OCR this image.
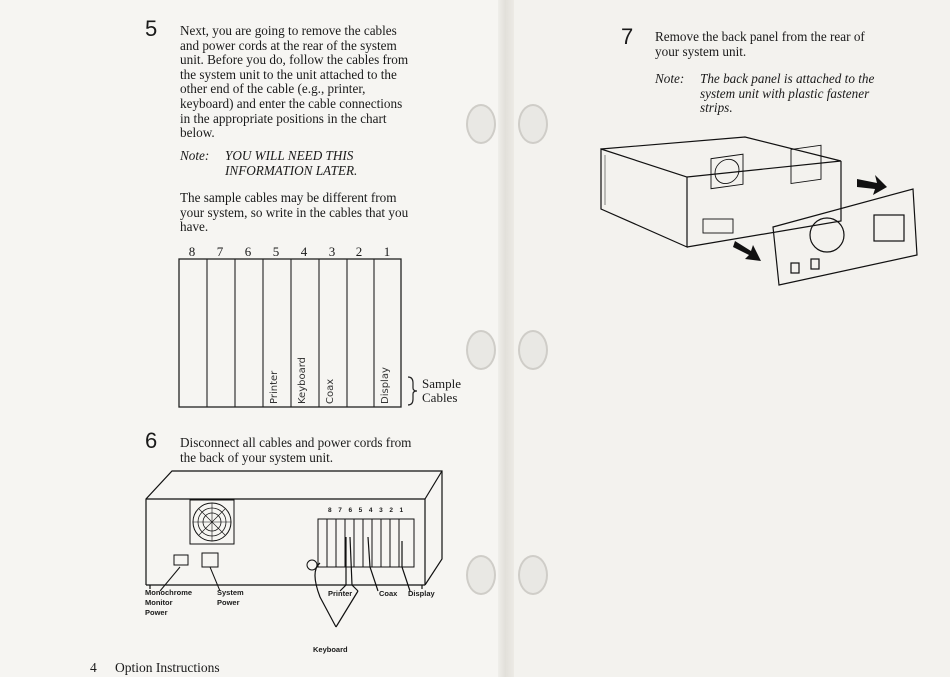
5 Next, you are going to remove the cables
and power cords at the rear of the system
unit. Before you do, follow the cables from
the system unit to the unit attached to the
other end of the cable (e.g., printer,
keyboard) and enter the cable connections
in the appropriate positions in the chart
below.
Note: YOU WILL NEED THIS
INFORMATION LATER.
The sample cables may be different from
your system, so write in the cables that you
have.
8 7 6 5 4 3 2 1
Printer Keyboard Coax	Display Sample
Cables
6 Disconnect all cables and power cords from
the back of your system unit.
8 7 6 5 4 3 2 1
Monochrome
Monitor
Power
System
Power
Printer	Coax Display
Keyboard
4 Option Instructions
7 Remove the back panel from the rear of
your system unit.
Note: The back panel is attached to the
system unit with plastic fastener
strips.
